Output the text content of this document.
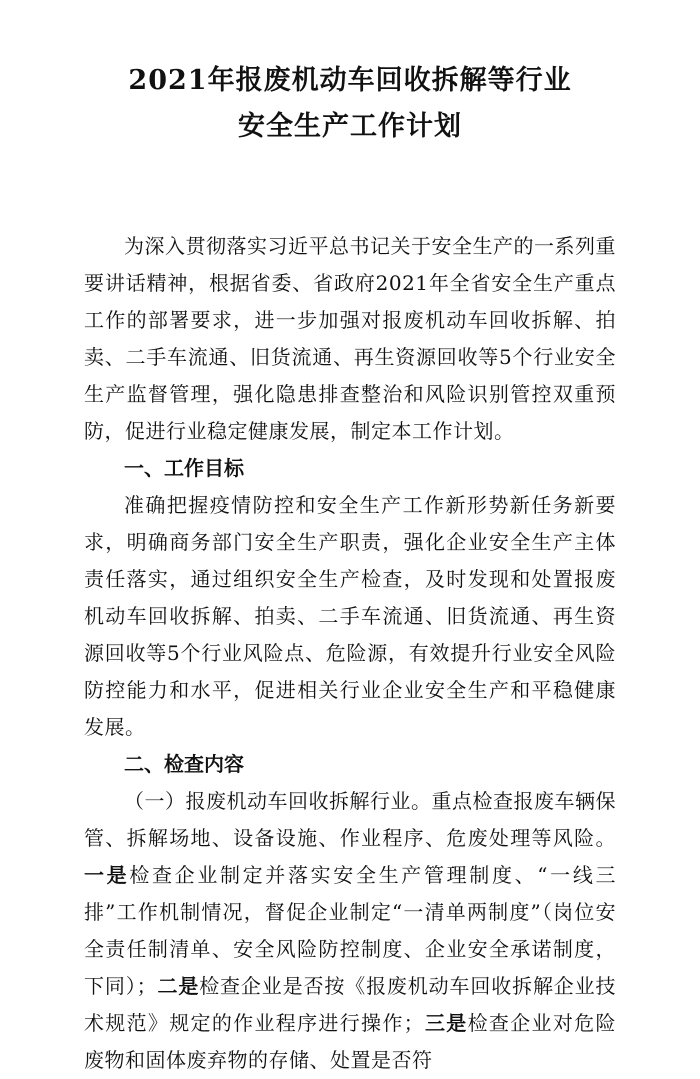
2021年报废机动车回收拆解等行业
安全生产工作计划

为深入贯彻落实习近平总书记关于安全生产的一系列重要讲话精神，根据省委、省政府2021年全省安全生产重点工作的部署要求，进一步加强对报废机动车回收拆解、拍卖、二手车流通、旧货流通、再生资源回收等5个行业安全生产监督管理，强化隐患排查整治和风险识别管控双重预防，促进行业稳定健康发展，制定本工作计划。

一、工作目标

准确把握疫情防控和安全生产工作新形势新任务新要求，明确商务部门安全生产职责，强化企业安全生产主体责任落实，通过组织安全生产检查，及时发现和处置报废机动车回收拆解、拍卖、二手车流通、旧货流通、再生资源回收等5个行业风险点、危险源，有效提升行业安全风险防控能力和水平，促进相关行业企业安全生产和平稳健康发展。

二、检查内容

（一）报废机动车回收拆解行业。重点检查报废车辆保管、拆解场地、设备设施、作业程序、危废处理等风险。一是检查企业制定并落实安全生产管理制度、“一线三排”工作机制情况，督促企业制定“一清单两制度”（岗位安全责任制清单、安全风险防控制度、企业安全承诺制度，下同）；二是检查企业是否按《报废机动车回收拆解企业技术规范》规定的作业程序进行操作；三是检查企业对危险废物和固体废弃物的存储、处置是否符
